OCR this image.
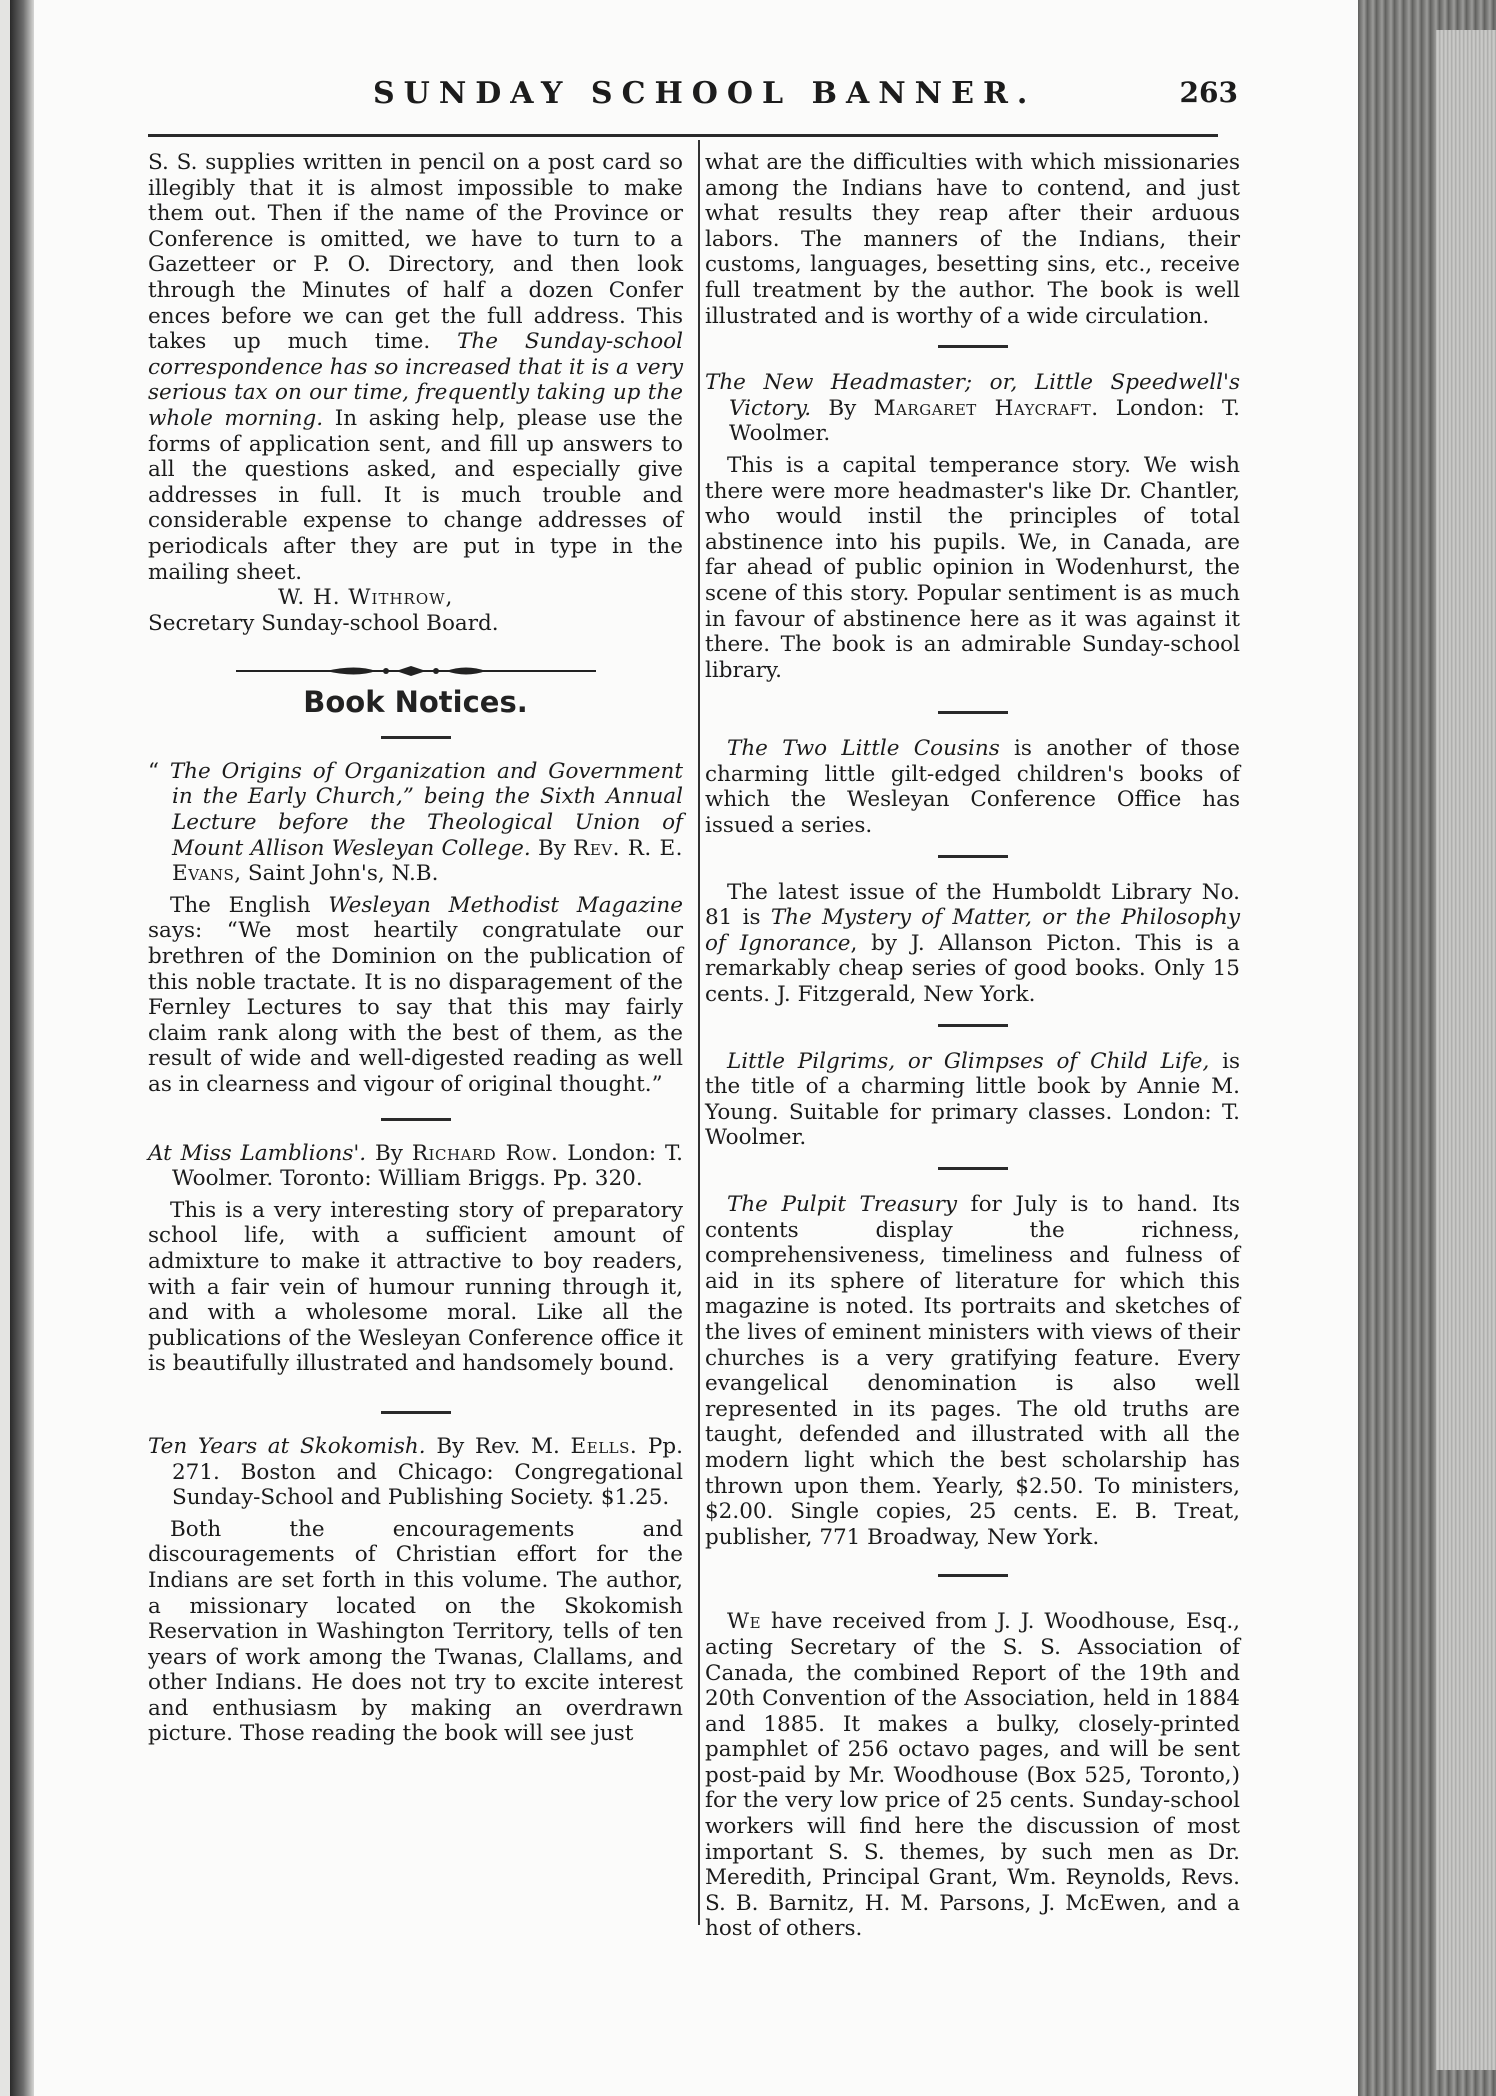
SUNDAY SCHOOL BANNER.	263

S. S. supplies written in pencil on a post card so illegibly that it is almost impossible to make them out. Then if the name of the Province or Conference is omitted, we have to turn to a Gazetteer or P. O. Directory, and then look through the Minutes of half a dozen Confer ences before we can get the full address. This takes up much time. The Sunday-school correspondence has so increased that it is a very serious tax on our time, frequently taking up the whole morning. In asking help, please use the forms of application sent, and fill up answers to all the questions asked, and especially give addresses in full. It is much trouble and considerable expense to change addresses of periodicals after they are put in type in the mailing sheet.

W. H. Withrow,

Secretary Sunday-school Board.

Book Notices.

“ The Origins of Organization and Government in the Early Church,” being the Sixth Annual Lecture before the Theological Union of Mount Allison Wesleyan College. By Rev. R. E. Evans, Saint John's, N.B.

The English Wesleyan Methodist Magazine says: “We most heartily congratulate our brethren of the Dominion on the publication of this noble tractate. It is no disparagement of the Fernley Lectures to say that this may fairly claim rank along with the best of them, as the result of wide and well-digested reading as well as in clearness and vigour of original thought.”

At Miss Lamblions'. By Richard Row. London: T. Woolmer. Toronto: William Briggs. Pp. 320.

This is a very interesting story of preparatory school life, with a sufficient amount of admixture to make it attractive to boy readers, with a fair vein of humour running through it, and with a wholesome moral. Like all the publications of the Wesleyan Conference office it is beautifully illustrated and handsomely bound.

Ten Years at Skokomish. By Rev. M. Eells. Pp. 271. Boston and Chicago: Congregational Sunday-School and Publishing Society. $1.25.

Both the encouragements and discouragements of Christian effort for the Indians are set forth in this volume. The author, a missionary located on the Skokomish Reservation in Washington Territory, tells of ten years of work among the Twanas, Clallams, and other Indians. He does not try to excite interest and enthusiasm by making an overdrawn picture. Those reading the book will see just

what are the difficulties with which missionaries among the Indians have to contend, and just what results they reap after their arduous labors. The manners of the Indians, their customs, languages, besetting sins, etc., receive full treatment by the author. The book is well illustrated and is worthy of a wide circulation.

The New Headmaster; or, Little Speedwell's Victory. By Margaret Haycraft. London: T. Woolmer.

This is a capital temperance story. We wish there were more headmaster's like Dr. Chantler, who would instil the principles of total abstinence into his pupils. We, in Canada, are far ahead of public opinion in Wodenhurst, the scene of this story. Popular sentiment is as much in favour of abstinence here as it was against it there. The book is an admirable Sunday-school library.

The Two Little Cousins is another of those charming little gilt-edged children's books of which the Wesleyan Conference Office has issued a series.

The latest issue of the Humboldt Library No. 81 is The Mystery of Matter, or the Philosophy of Ignorance, by J. Allanson Picton. This is a remarkably cheap series of good books. Only 15 cents. J. Fitzgerald, New York.

Little Pilgrims, or Glimpses of Child Life, is the title of a charming little book by Annie M. Young. Suitable for primary classes. London: T. Woolmer.

The Pulpit Treasury for July is to hand. Its contents display the richness, comprehensiveness, timeliness and fulness of aid in its sphere of literature for which this magazine is noted. Its portraits and sketches of the lives of eminent ministers with views of their churches is a very gratifying feature. Every evangelical denomination is also well represented in its pages. The old truths are taught, defended and illustrated with all the modern light which the best scholarship has thrown upon them. Yearly, $2.50. To ministers, $2.00. Single copies, 25 cents. E. B. Treat, publisher, 771 Broadway, New York.

We have received from J. J. Woodhouse, Esq., acting Secretary of the S. S. Association of Canada, the combined Report of the 19th and 20th Convention of the Association, held in 1884 and 1885. It makes a bulky, closely-printed pamphlet of 256 octavo pages, and will be sent post-paid by Mr. Woodhouse (Box 525, Toronto,) for the very low price of 25 cents. Sunday-school workers will find here the discussion of most important S. S. themes, by such men as Dr. Meredith, Principal Grant, Wm. Reynolds, Revs. S. B. Barnitz, H. M. Parsons, J. McEwen, and a host of others.
